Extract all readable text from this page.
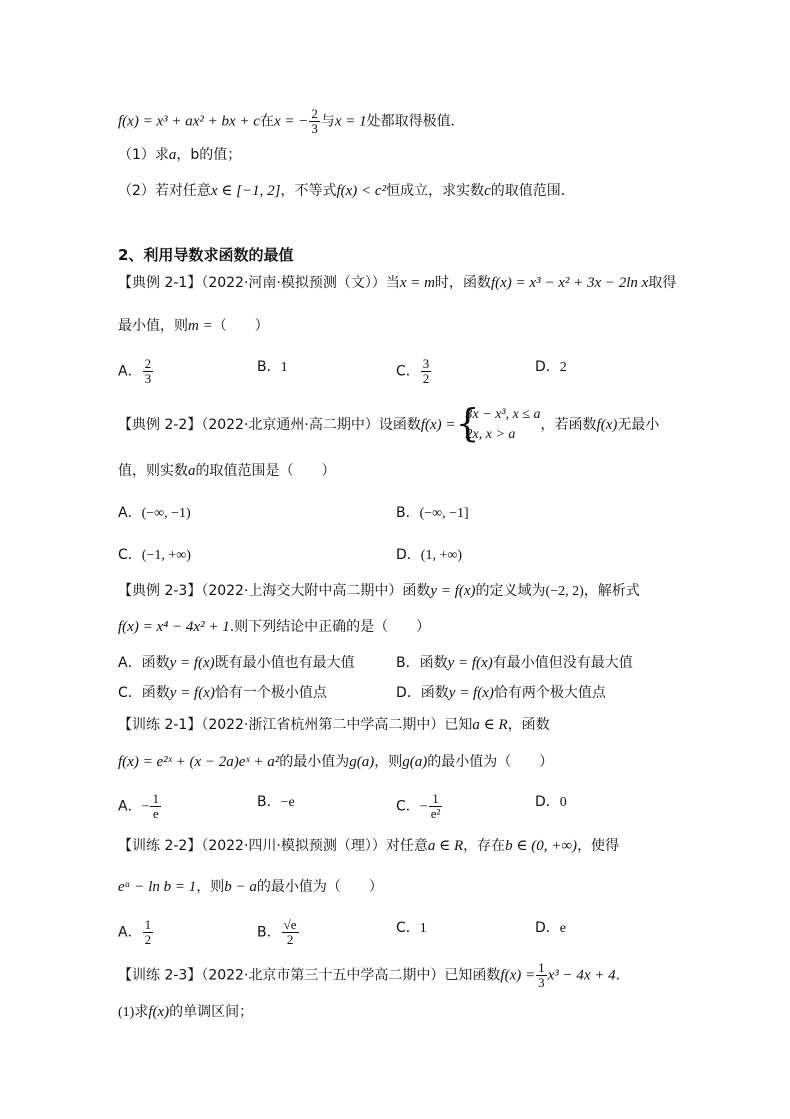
f(x) = x³ + ax² + bx + c在x = − $\frac{2}{3}$ 与x = 1处都取得极值．
（1）求a，b的值；
（2）若对任意x ∈ [−1, 2]，不等式f(x) < c²恒成立，求实数c的取值范围．
2、利用导数求函数的最值
【典例 2-1】（2022·河南·模拟预测（文））当x = m时，函数f(x) = x³ − x² + 3x − 2ln x取得
最小值，则m =（　　）
A． $\frac{2}{3}$	B．1	C． $\frac{3}{2}$	D．2
【典例 2-2】（2022·北京通州·高二期中）设函数f(x) = {
3x − x³, x ≤ a
2x, x > a
，若函数f(x)无最小
值，则实数a的取值范围是（　　）
A．(−∞, −1)	B．(−∞, −1]
C．(−1, +∞)	D．(1, +∞)
【典例 2-3】（2022·上海交大附中高二期中）函数y = f(x)的定义域为(−2, 2)，解析式
f(x) = x⁴ − 4x² + 1.则下列结论中正确的是（　　）
A．函数y = f(x)既有最小值也有最大值	B．函数y = f(x)有最小值但没有最大值
C．函数y = f(x)恰有一个极小值点	D．函数y = f(x)恰有两个极大值点
【训练 2-1】（2022·浙江省杭州第二中学高二期中）已知a ∈ R，函数
f(x) = e²ˣ + (x − 2a)eˣ + a²的最小值为g(a)，则g(a)的最小值为（　　）
A．− $\frac{1}{e}$	B．−e	C．− $\frac{1}{\text{e²}}$	D．0
【训练 2-2】（2022·四川·模拟预测（理））对任意a ∈ R，存在b ∈ (0, +∞)，使得
eᵃ − ln b = 1，则b − a的最小值为（　　）
A． $\frac{1}{2}$	B． $\frac{√e}{2}$	C．1	D．e
【训练 2-3】（2022·北京市第三十五中学高二期中）已知函数$f(x) = \frac{1}{3} x^3 - 4x + 4$.
(1)求f(x)的单调区间；
